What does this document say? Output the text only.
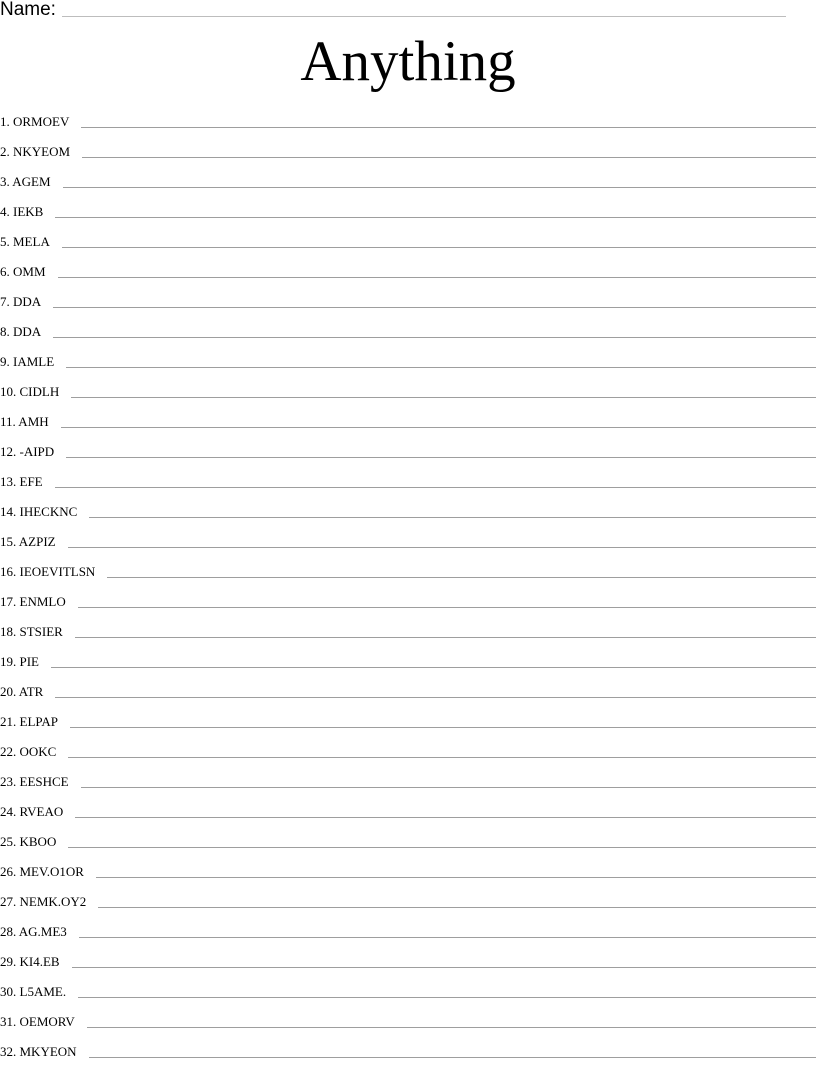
Name:
Anything
1. ORMOEV
2. NKYEOM
3. AGEM
4. IEKB
5. MELA
6. OMM
7. DDA
8. DDA
9. IAMLE
10. CIDLH
11. AMH
12. -AIPD
13. EFE
14. IHECKNC
15. AZPIZ
16. IEOEVITLSN
17. ENMLO
18. STSIER
19. PIE
20. ATR
21. ELPAP
22. OOKC
23. EESHCE
24. RVEAO
25. KBOO
26. MEV.O1OR
27. NEMK.OY2
28. AG.ME3
29. KI4.EB
30. L5AME.
31. OEMORV
32. MKYEON
